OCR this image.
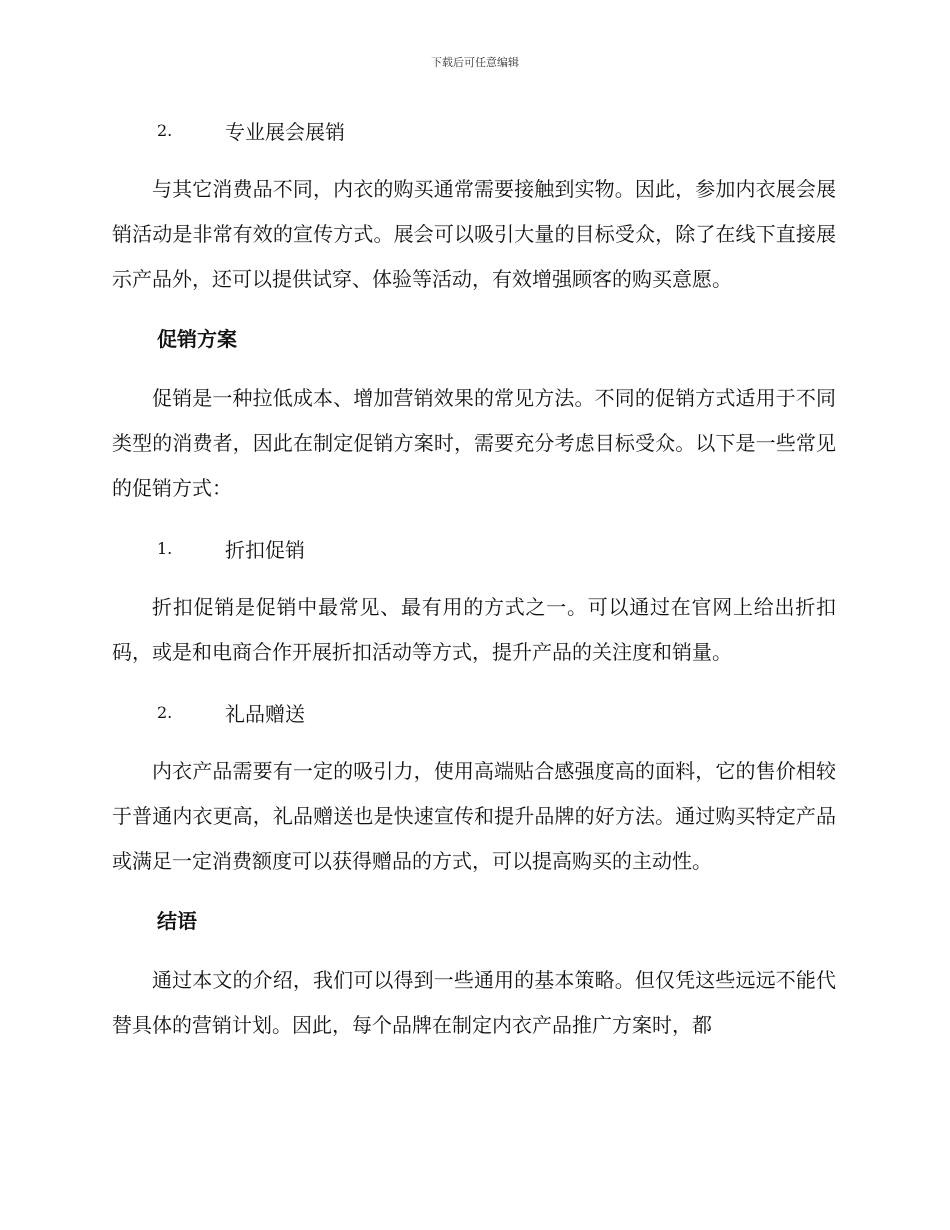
下载后可任意编辑
2.	专业展会展销

与其它消费品不同，内衣的购买通常需要接触到实物。因此，参加内衣展会展销活动是非常有效的宣传方式。展会可以吸引大量的目标受众，除了在线下直接展示产品外，还可以提供试穿、体验等活动，有效增强顾客的购买意愿。

促销方案

促销是一种拉低成本、增加营销效果的常见方法。不同的促销方式适用于不同类型的消费者，因此在制定促销方案时，需要充分考虑目标受众。以下是一些常见的促销方式：

1.	折扣促销

折扣促销是促销中最常见、最有用的方式之一。可以通过在官网上给出折扣码，或是和电商合作开展折扣活动等方式，提升产品的关注度和销量。

2.	礼品赠送

内衣产品需要有一定的吸引力，使用高端贴合感强度高的面料，它的售价相较于普通内衣更高，礼品赠送也是快速宣传和提升品牌的好方法。通过购买特定产品或满足一定消费额度可以获得赠品的方式，可以提高购买的主动性。

结语

通过本文的介绍，我们可以得到一些通用的基本策略。但仅凭这些远远不能代替具体的营销计划。因此，每个品牌在制定内衣产品推广方案时，都
